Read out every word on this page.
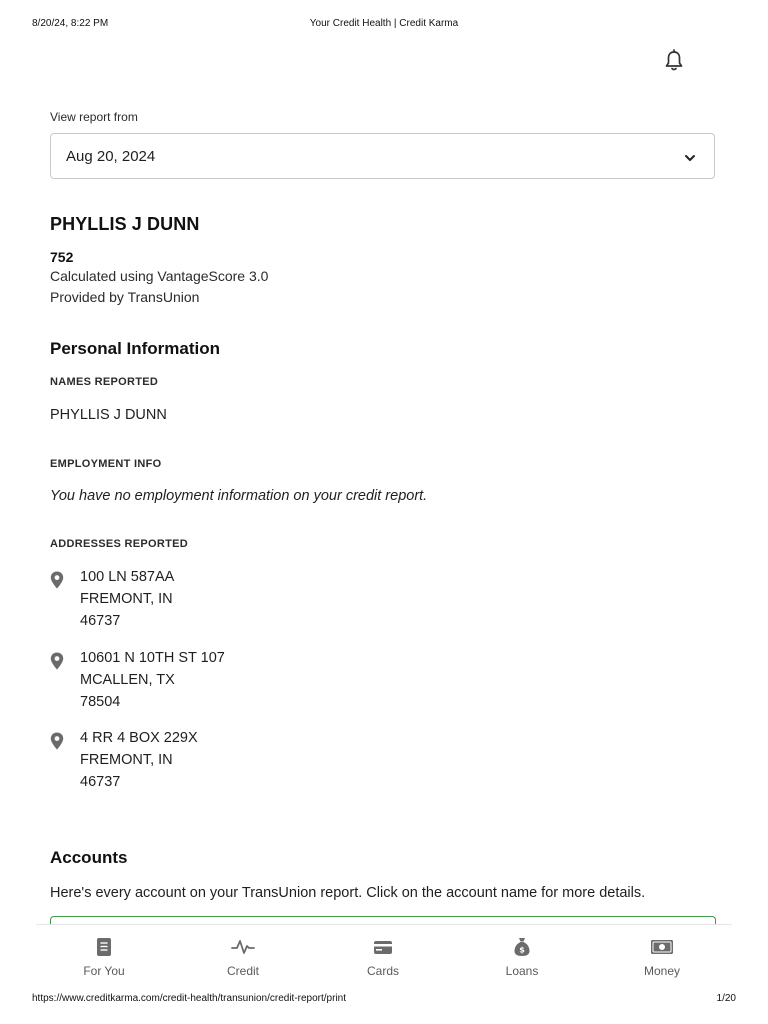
8/20/24, 8:22 PM	Your Credit Health | Credit Karma
View report from
Aug 20, 2024
PHYLLIS J DUNN
752
Calculated using VantageScore 3.0
Provided by TransUnion
Personal Information
NAMES REPORTED
PHYLLIS J DUNN
EMPLOYMENT INFO
You have no employment information on your credit report.
ADDRESSES REPORTED
100 LN 587AA
FREMONT, IN
46737
10601 N 10TH ST 107
MCALLEN, TX
78504
4 RR 4 BOX 229X
FREMONT, IN
46737
Accounts
Here's every account on your TransUnion report. Click on the account name for more details.
For You	Credit	Cards
$
Loans	Money
https://www.creditkarma.com/credit-health/transunion/credit-report/print	1/20
